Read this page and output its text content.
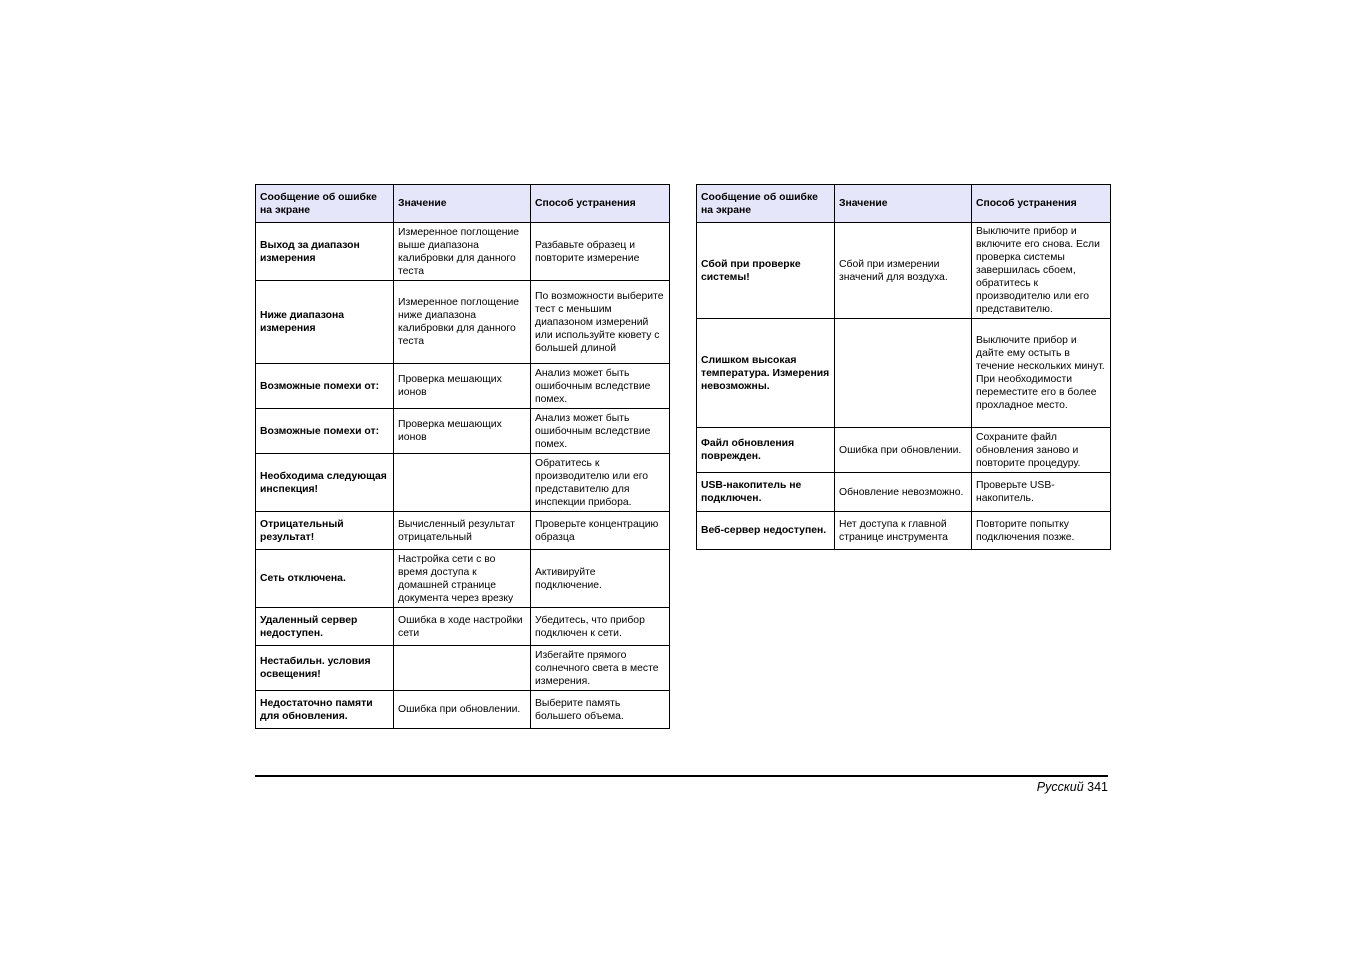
Сообщение об ошибке на экране	Значение	Способ устранения
Выход за диапазон измерения	Измеренное поглощение выше диапазона калибровки для данного теста	Разбавьте образец и повторите измерение
Ниже диапазона измерения	Измеренное поглощение ниже диапазона калибровки для данного теста	По возможности выберите тест с меньшим диапазоном измерений или используйте кювету с большей длиной
Возможные помехи от:	Проверка мешающих ионов	Анализ может быть ошибочным вследствие помех.
Возможные помехи от:	Проверка мешающих ионов	Анализ может быть ошибочным вследствие помех.
Необходима следующая инспекция!		Обратитесь к производителю или его представителю для инспекции прибора.
Отрицательный результат!	Вычисленный результат отрицательный	Проверьте концентрацию образца
Сеть отключена.	Настройка сети с во время доступа к домашней странице документа через врезку	Активируйте подключение.
Удаленный сервер недоступен.	Ошибка в ходе настройки сети	Убедитесь, что прибор подключен к сети.
Нестабильн. условия освещения!		Избегайте прямого солнечного света в месте измерения.
Недостаточно памяти для обновления.	Ошибка при обновлении.	Выберите память большего объема.
Сообщение об ошибке на экране	Значение	Способ устранения
Сбой при проверке системы!	Сбой при измерении значений для воздуха.	Выключите прибор и включите его снова. Если проверка системы завершилась сбоем, обратитесь к производителю или его представителю.
Слишком высокая температура. Измерения невозможны.		Выключите прибор и дайте ему остыть в течение нескольких минут. При необходимости переместите его в более прохладное место.
Файл обновления поврежден.	Ошибка при обновлении.	Сохраните файл обновления заново и повторите процедуру.
USB-накопитель не подключен.	Обновление невозможно.	Проверьте USB-накопитель.
Веб-сервер недоступен.	Нет доступа к главной странице инструмента	Повторите попытку подключения позже.
Русский 341
